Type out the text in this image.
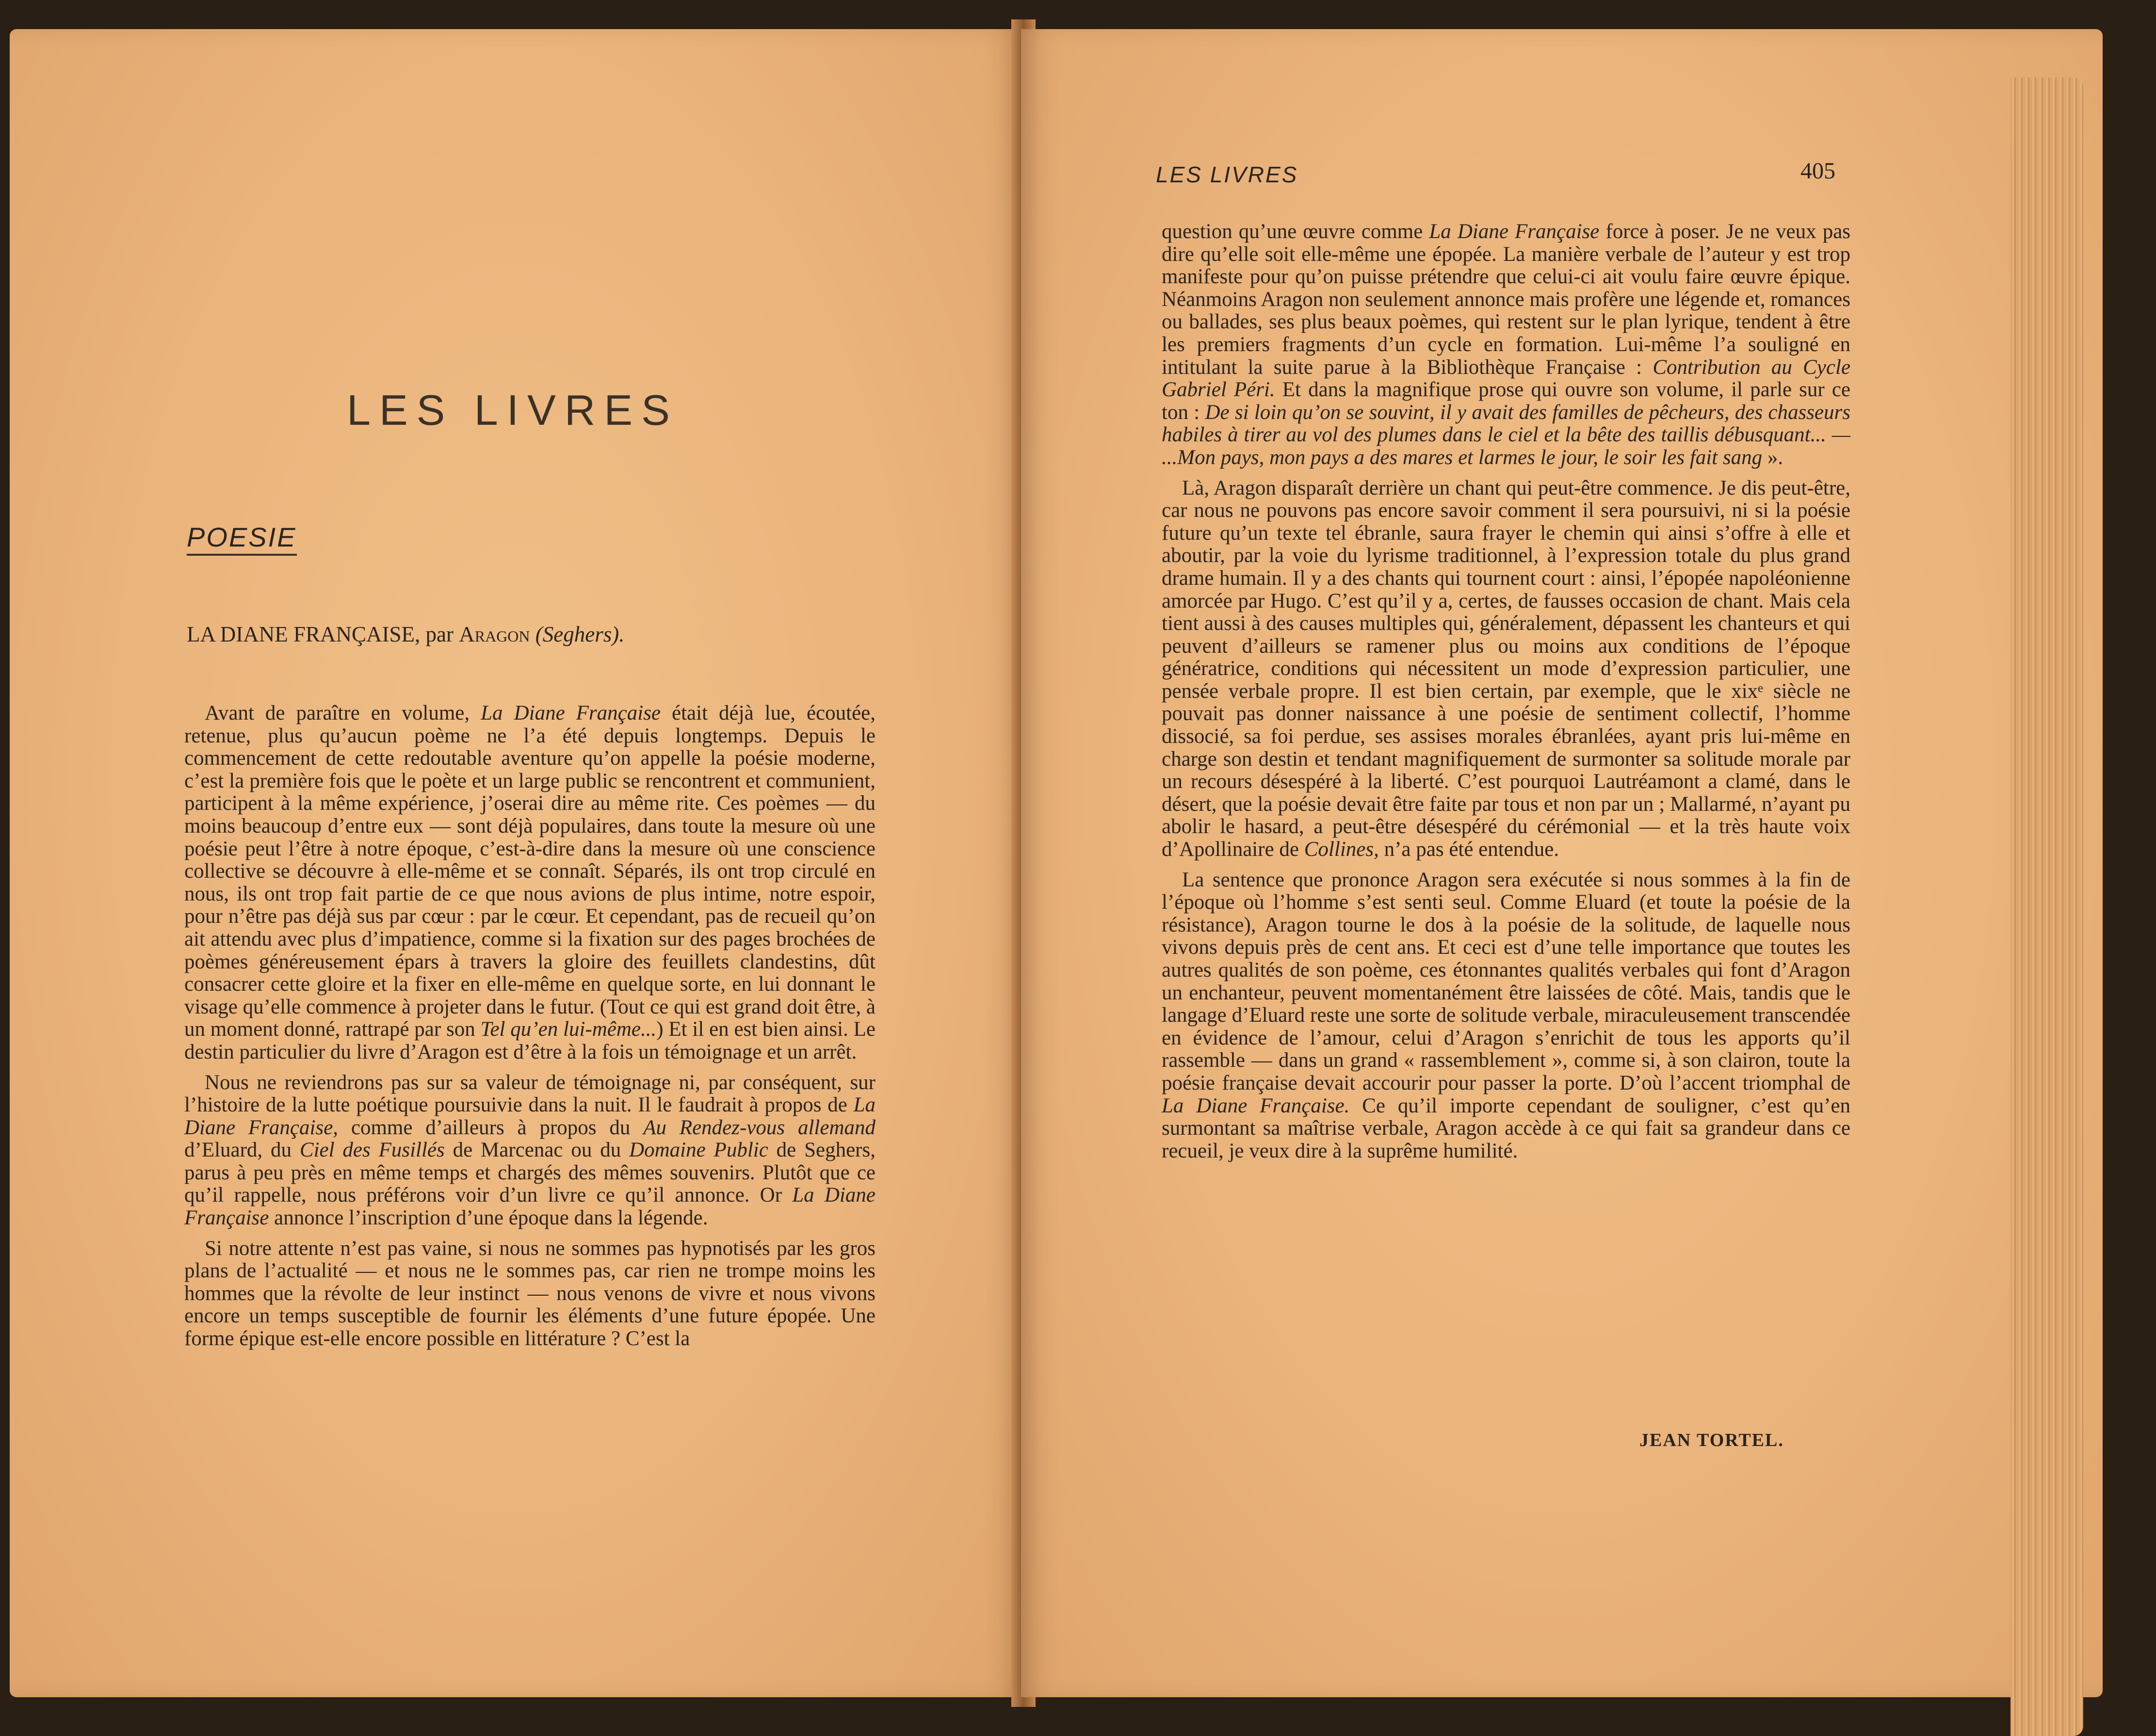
LES LIVRES
POESIE
LA DIANE FRANÇAISE, par Aragon (Seghers).

Avant de paraître en volume, La Diane Française était déjà lue, écoutée, retenue, plus qu’aucun poème ne l’a été depuis longtemps. Depuis le commencement de cette redoutable aventure qu’on appelle la poésie moderne, c’est la première fois que le poète et un large public se rencontrent et communient, participent à la même expérience, j’oserai dire au même rite. Ces poèmes — du moins beaucoup d’entre eux — sont déjà populaires, dans toute la mesure où une poésie peut l’être à notre époque, c’est-à-dire dans la mesure où une conscience collective se découvre à elle-même et se connaît. Séparés, ils ont trop circulé en nous, ils ont trop fait partie de ce que nous avions de plus intime, notre espoir, pour n’être pas déjà sus par cœur : par le cœur. Et cependant, pas de recueil qu’on ait attendu avec plus d’impatience, comme si la fixation sur des pages brochées de poèmes généreusement épars à travers la gloire des feuillets clandestins, dût consacrer cette gloire et la fixer en elle-même en quelque sorte, en lui donnant le visage qu’elle commence à projeter dans le futur. (Tout ce qui est grand doit être, à un moment donné, rattrapé par son Tel qu’en lui-même...) Et il en est bien ainsi. Le destin particulier du livre d’Aragon est d’être à la fois un témoignage et un arrêt.

Nous ne reviendrons pas sur sa valeur de témoignage ni, par conséquent, sur l’histoire de la lutte poétique poursuivie dans la nuit. Il le faudrait à propos de La Diane Française, comme d’ailleurs à propos du Au Rendez-vous allemand d’Eluard, du Ciel des Fusillés de Marcenac ou du Domaine Public de Seghers, parus à peu près en même temps et chargés des mêmes souvenirs. Plutôt que ce qu’il rappelle, nous préférons voir d’un livre ce qu’il annonce. Or La Diane Française annonce l’inscription d’une époque dans la légende.

Si notre attente n’est pas vaine, si nous ne sommes pas hypnotisés par les gros plans de l’actualité — et nous ne le sommes pas, car rien ne trompe moins les hommes que la révolte de leur instinct — nous venons de vivre et nous vivons encore un temps susceptible de fournir les éléments d’une future épopée. Une forme épique est-elle encore possible en littérature ? C’est la

LES LIVRES	405

question qu’une œuvre comme La Diane Française force à poser. Je ne veux pas dire qu’elle soit elle-même une épopée. La manière verbale de l’auteur y est trop manifeste pour qu’on puisse prétendre que celui-ci ait voulu faire œuvre épique. Néanmoins Aragon non seulement annonce mais profère une légende et, romances ou ballades, ses plus beaux poèmes, qui restent sur le plan lyrique, tendent à être les premiers fragments d’un cycle en formation. Lui-même l’a souligné en intitulant la suite parue à la Bibliothèque Française : Contribution au Cycle Gabriel Péri. Et dans la magnifique prose qui ouvre son volume, il parle sur ce ton : De si loin qu’on se souvint, il y avait des familles de pêcheurs, des chasseurs habiles à tirer au vol des plumes dans le ciel et la bête des taillis débusquant... — ...Mon pays, mon pays a des mares et larmes le jour, le soir les fait sang ».

Là, Aragon disparaît derrière un chant qui peut-être commence. Je dis peut-être, car nous ne pouvons pas encore savoir comment il sera poursuivi, ni si la poésie future qu’un texte tel ébranle, saura frayer le chemin qui ainsi s’offre à elle et aboutir, par la voie du lyrisme traditionnel, à l’expression totale du plus grand drame humain. Il y a des chants qui tournent court : ainsi, l’épopée napoléonienne amorcée par Hugo. C’est qu’il y a, certes, de fausses occasion de chant. Mais cela tient aussi à des causes multiples qui, généralement, dépassent les chanteurs et qui peuvent d’ailleurs se ramener plus ou moins aux conditions de l’époque génératrice, conditions qui nécessitent un mode d’expression particulier, une pensée verbale propre. Il est bien certain, par exemple, que le xixᵉ siècle ne pouvait pas donner naissance à une poésie de sentiment collectif, l’homme dissocié, sa foi perdue, ses assises morales ébranlées, ayant pris lui-même en charge son destin et tendant magnifiquement de surmonter sa solitude morale par un recours désespéré à la liberté. C’est pourquoi Lautréamont a clamé, dans le désert, que la poésie devait être faite par tous et non par un ; Mallarmé, n’ayant pu abolir le hasard, a peut-être désespéré du cérémonial — et la très haute voix d’Apollinaire de Collines, n’a pas été entendue.

La sentence que prononce Aragon sera exécutée si nous sommes à la fin de l’époque où l’homme s’est senti seul. Comme Eluard (et toute la poésie de la résistance), Aragon tourne le dos à la poésie de la solitude, de laquelle nous vivons depuis près de cent ans. Et ceci est d’une telle importance que toutes les autres qualités de son poème, ces étonnantes qualités verbales qui font d’Aragon un enchanteur, peuvent momentanément être laissées de côté. Mais, tandis que le langage d’Eluard reste une sorte de solitude verbale, miraculeusement transcendée en évidence de l’amour, celui d’Aragon s’enrichit de tous les apports qu’il rassemble — dans un grand « rassemblement », comme si, à son clairon, toute la poésie française devait accourir pour passer la porte. D’où l’accent triomphal de La Diane Française. Ce qu’il importe cependant de souligner, c’est qu’en surmontant sa maîtrise verbale, Aragon accède à ce qui fait sa grandeur dans ce recueil, je veux dire à la suprême humilité.

JEAN TORTEL.
